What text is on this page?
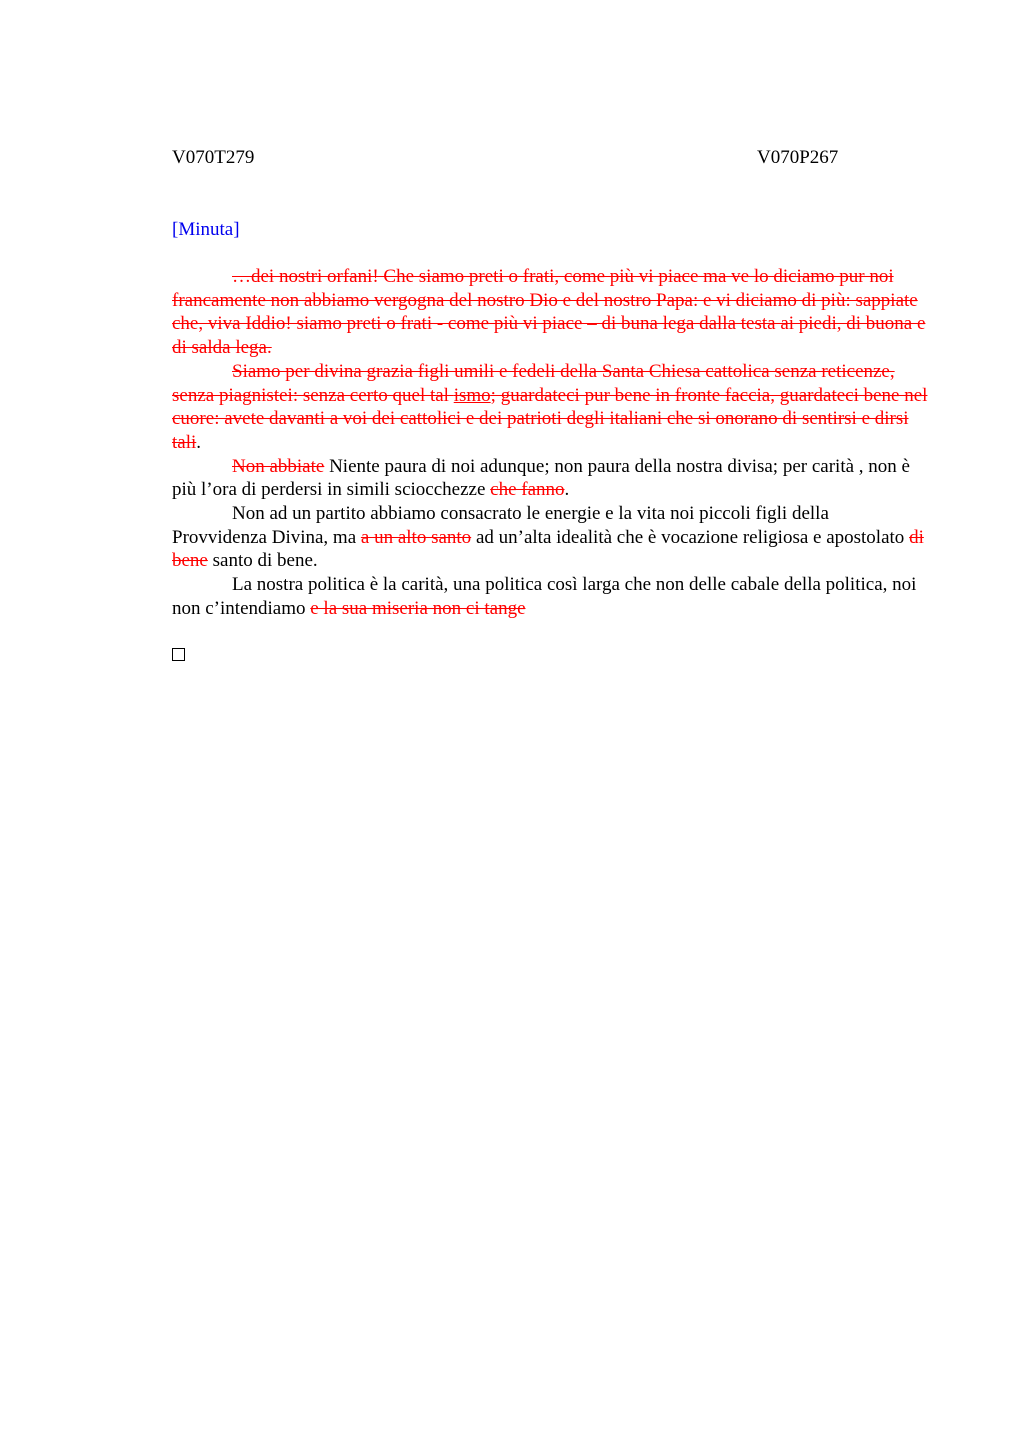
V070T279	V070P267
[Minuta]

…dei nostri orfani! Che siamo preti o frati, come più vi piace ma ve lo diciamo pur noi francamente non abbiamo vergogna del nostro Dio e del nostro Papa: e vi diciamo di più: sappiate che, viva Iddio! siamo preti o frati - come più vi piace – di buna lega dalla testa ai piedi, di buona e di salda lega.

Siamo per divina grazia figli umili e fedeli della Santa Chiesa cattolica senza reticenze, senza piagnistei: senza certo quel tal ismo; guardateci pur bene in fronte faccia, guardateci bene nel cuore: avete davanti a voi dei cattolici e dei patrioti degli italiani che si onorano di sentirsi e dirsi tali.

Non abbiate Niente paura di noi adunque; non paura della nostra divisa; per carità , non è più l’ora di perdersi in simili sciocchezze che fanno.

Non ad un partito abbiamo consacrato le energie e la vita noi piccoli figli della Provvidenza Divina, ma a un alto santo ad un’alta idealità che è vocazione religiosa e apostolato di bene santo di bene.

La nostra politica è la carità, una politica così larga che non delle cabale della politica, noi non c’intendiamo e la sua miseria non ci tange
